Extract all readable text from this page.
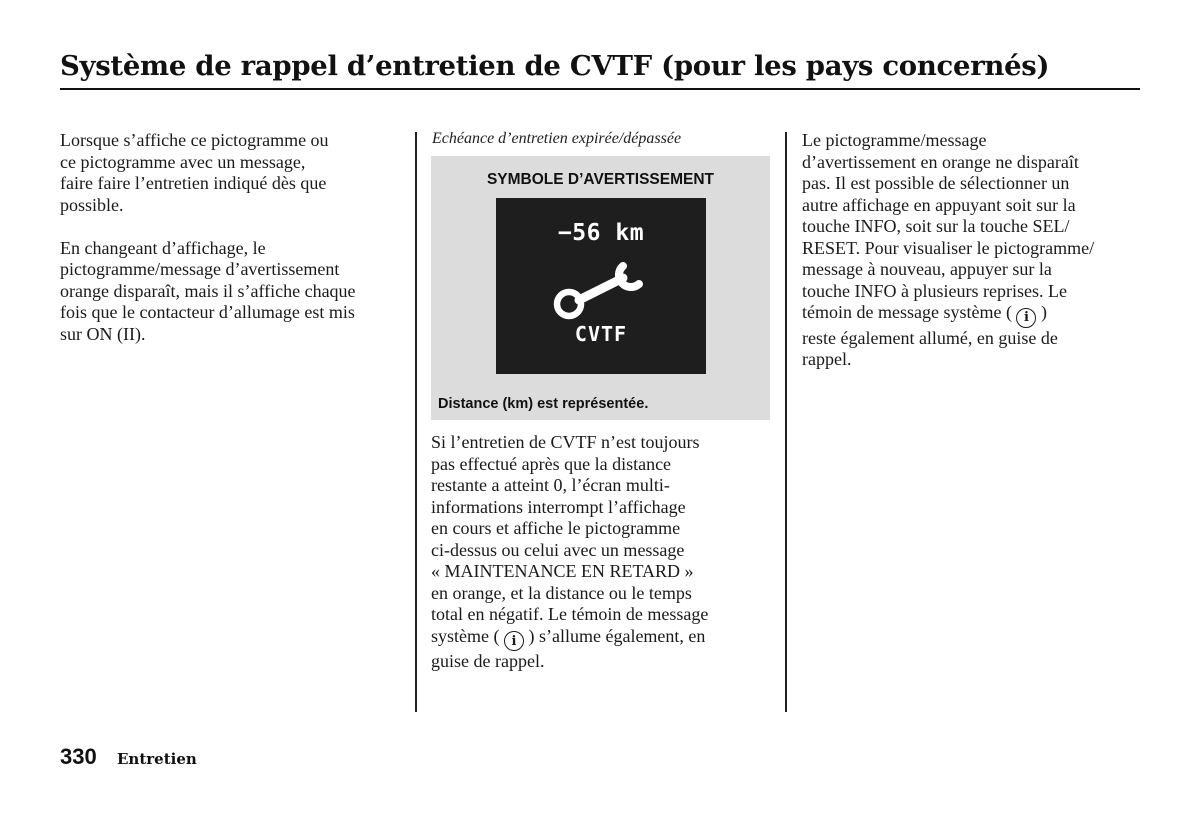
Système de rappel d’entretien de CVTF (pour les pays concernés)

Lorsque s’affiche ce pictogramme ou
ce pictogramme avec un message,
faire faire l’entretien indiqué dès que
possible.

En changeant d’affichage, le
pictogramme/message d’avertissement
orange disparaît, mais il s’affiche chaque
fois que le contacteur d’allumage est mis
sur ON (II).

Echéance d’entretien expirée/dépassée
SYMBOLE D’AVERTISSEMENT
−56 km
CVTF
Distance (km) est représentée.

Si l’entretien de CVTF n’est toujours
pas effectué après que la distance
restante a atteint 0, l’écran multi-
informations interrompt l’affichage
en cours et affiche le pictogramme
ci-dessus ou celui avec un message
« MAINTENANCE EN RETARD »
en orange, et la distance ou le temps
total en négatif. Le témoin de message
système ( i ) s’allume également, en
guise de rappel.

Le pictogramme/message
d’avertissement en orange ne disparaît
pas. Il est possible de sélectionner un
autre affichage en appuyant soit sur la
touche INFO, soit sur la touche SEL/
RESET. Pour visualiser le pictogramme/
message à nouveau, appuyer sur la
touche INFO à plusieurs reprises. Le
témoin de message système ( i )
reste également allumé, en guise de
rappel.

330 Entretien
